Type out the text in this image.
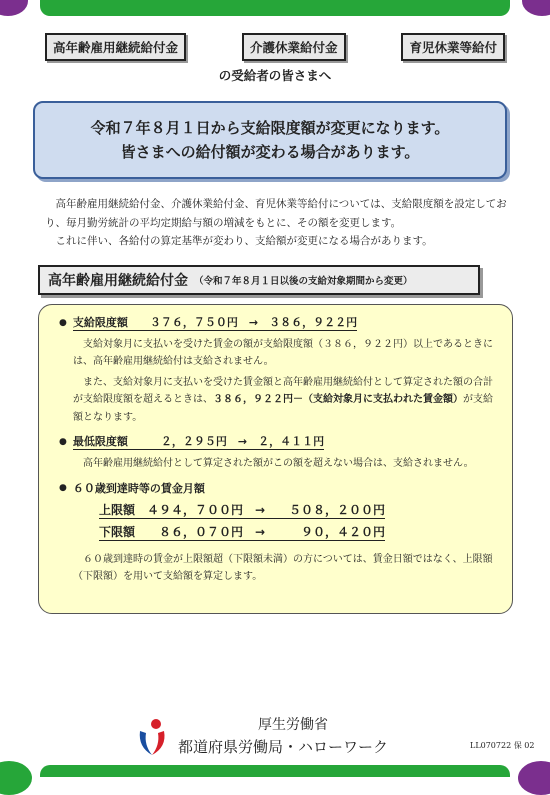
高年齢雇用継続給付金	介護休業給付金	育児休業等給付
の受給者の皆さまへ
令和７年８月１日から支給限度額が変更になります。
皆さまへの給付額が変わる場合があります。

高年齢雇用継続給付金、介護休業給付金、育児休業等給付については、支給限度額を設定しており、毎月勤労統計の平均定期給与額の増減をもとに、その額を変更します。

これに伴い、各給付の算定基準が変わり、支給額が変更になる場合があります。

高年齢雇用継続給付金 （令和７年８月１日以後の支給対象期間から変更）
● 支給限度額　　３７６，７５０円　→　３８６，９２２円

支給対象月に支払いを受けた賃金の額が支給限度額（３８６，９２２円）以上であるときには、高年齢雇用継続給付は支給されません。

また、支給対象月に支払いを受けた賃金額と高年齢雇用継続給付として算定された額の合計が支給限度額を超えるときは、３８６，９２２円－（支給対象月に支払われた賃金額）が支給額となります。

● 最低限度額　　　２，２９５円　→　２，４１１円

高年齢雇用継続給付として算定された額がこの額を超えない場合は、支給されません。

● ６０歳到達時等の賃金月額
上限額　４９４，７００円　→　　５０８，２００円
下限額　　８６，０７０円　→　　　９０，４２０円

６０歳到達時の賃金が上限額超（下限額未満）の方については、賃金日額ではなく、上限額（下限額）を用いて支給額を算定します。

厚生労働省
都道府県労働局・ハローワーク	LL070722 保 02
